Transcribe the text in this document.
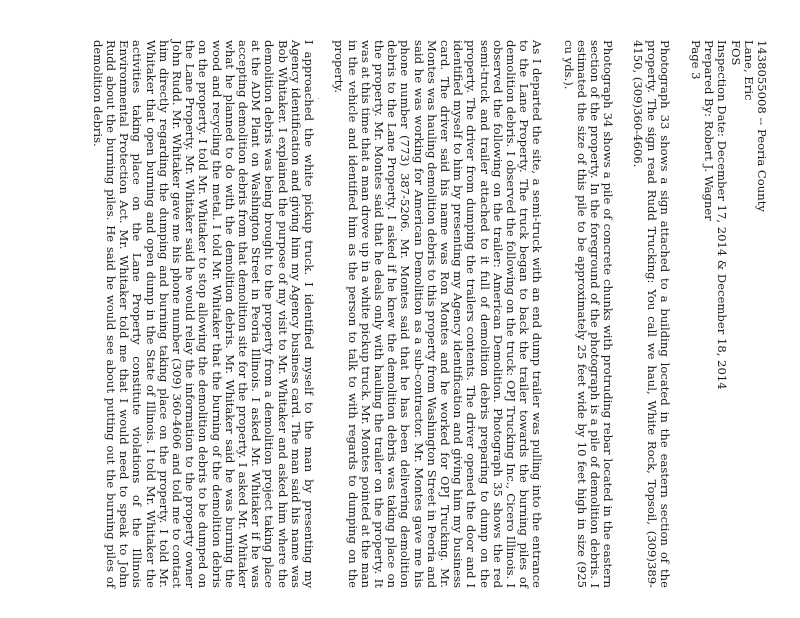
1438055008 -- Peoria County
Lane, Eric
FOS
Inspection Date: December 17, 2014 & December 18, 2014
Prepared By: Robert J. Wagner
Page 3

Photograph 33 shows a sign attached to a building located in the eastern section of the property. The sign read Rudd Trucking: You call we haul, White Rock, Topsoil, (309)389-4150, (309)360-4606.

Photograph 34 shows a pile of concrete chunks with protruding rebar located in the eastern section of the property. In the foreground of the photograph is a pile of demolition debris. I estimated the size of this pile to be approximately 25 feet wide by 10 feet high in size (925 cu yds.).

As I departed the site, a semi-truck with an end dump trailer was pulling into the entrance to the Lane Property. The truck began to back the trailer towards the burning piles of demolition debris. I observed the following on the truck: OPJ Trucking Inc., Cicero Illinois. I observed the following on the trailer: American Demolition. Photograph 35 shows the red semi-truck and trailer attached to it full of demolition debris preparing to dump on the property. The driver from dumping the trailers contents. The driver opened the door and I identified myself to him by presenting my Agency identification and giving him my business card. The driver said his name was Ron Montes and he worked for OPJ Trucking. Mr. Montes was hauling demolition debris to this property from Washington Street in Peoria and said he was working for American Demolition as a sub-contractor. Mr. Montes gave me his phone number (773) 387-5206. Mr. Montes said that he has been delivering demolition debris to the Lane Property. I asked if he knew the demolition debris was taking place on the property. Mr. Montes said that he deals only with hauling the trailer on the property. It was at this time that a man drove up in a white pickup truck. Mr. Montes pointed at the man in the vehicle and identified him as the person to talk to with regards to dumping on the property.

I approached the white pickup truck. I identified myself to the man by presenting my Agency identification and giving him my Agency business card. The man said his name was Bob Whitaker. I explained the purpose of my visit to Mr. Whitaker and asked him where the demolition debris was being brought to the property from a demolition project taking place at the ADM Plant on Washington Street in Peoria Illinois. I asked Mr. Whitaker if he was accepting demolition debris from that demolition site for the property. I asked Mr. Whitaker what he planned to do with the demolition debris. Mr. Whitaker said he was burning the wood and recycling the metal. I told Mr. Whitaker that the burning of the demolition debris on the property. I told Mr. Whitaker to stop allowing the demolition debris to be dumped on the Lane Property. Mr. Whitaker said he would relay the information to the property owner John Rudd. Mr. Whitaker gave me his phone number (309) 360-4606 and told me to contact him directly regarding the dumping and burning taking place on the property. I told Mr. Whitaker that open burning and open dump in the State of Illinois. I told Mr. Whitaker the activities taking place on the Lane Property constitute violations of the Illinois Environmental Protection Act. Mr. Whitaker told me that I would need to speak to John Rudd about the burning piles. He said he would see about putting out the burning piles of demolition debris.
